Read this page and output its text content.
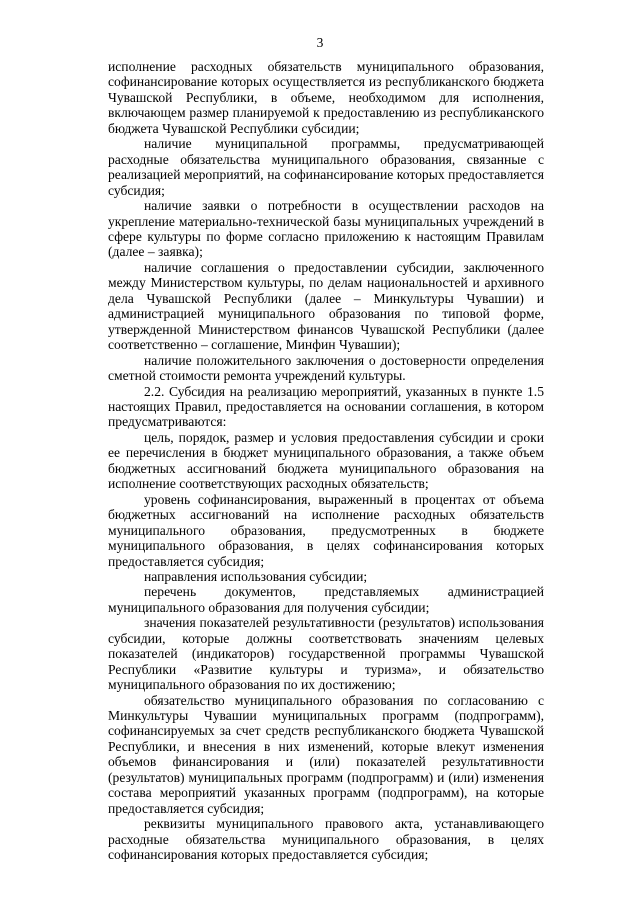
3

исполнение расходных обязательств муниципального образования, софинансирование которых осуществляется из республиканского бюджета Чувашской Республики, в объеме, необходимом для исполнения, включающем размер планируемой к предоставлению из республиканского бюджета Чувашской Республики субсидии;

наличие муниципальной программы, предусматривающей расходные обязательства муниципального образования, связанные с реализацией мероприятий, на софинансирование которых предоставляется субсидия;

наличие заявки о потребности в осуществлении расходов на укрепление материально-технической базы муниципальных учреждений в сфере культуры по форме согласно приложению к настоящим Правилам (далее – заявка);

наличие соглашения о предоставлении субсидии, заключенного между Министерством культуры, по делам национальностей и архивного дела Чувашской Республики (далее – Минкультуры Чувашии) и администрацией муниципального образования по типовой форме, утвержденной Министерством финансов Чувашской Республики (далее соответственно – соглашение, Минфин Чувашии);

наличие положительного заключения о достоверности определения сметной стоимости ремонта учреждений культуры.

2.2. Субсидия на реализацию мероприятий, указанных в пункте 1.5 настоящих Правил, предоставляется на основании соглашения, в котором предусматриваются:

цель, порядок, размер и условия предоставления субсидии и сроки ее перечисления в бюджет муниципального образования, а также объем бюджетных ассигнований бюджета муниципального образования на исполнение соответствующих расходных обязательств;

уровень софинансирования, выраженный в процентах от объема бюджетных ассигнований на исполнение расходных обязательств муниципального образования, предусмотренных в бюджете муниципального образования, в целях софинансирования которых предоставляется субсидия;

направления использования субсидии;

перечень документов, представляемых администрацией муниципального образования для получения субсидии;

значения показателей результативности (результатов) использования субсидии, которые должны соответствовать значениям целевых показателей (индикаторов) государственной программы Чувашской Республики «Развитие культуры и туризма», и обязательство муниципального образования по их достижению;

обязательство муниципального образования по согласованию с Минкультуры Чувашии муниципальных программ (подпрограмм), софинансируемых за счет средств республиканского бюджета Чувашской Республики, и внесения в них изменений, которые влекут изменения объемов финансирования и (или) показателей результативности (результатов) муниципальных программ (подпрограмм) и (или) изменения состава мероприятий указанных программ (подпрограмм), на которые предоставляется субсидия;

реквизиты муниципального правового акта, устанавливающего расходные обязательства муниципального образования, в целях софинансирования которых предоставляется субсидия;
